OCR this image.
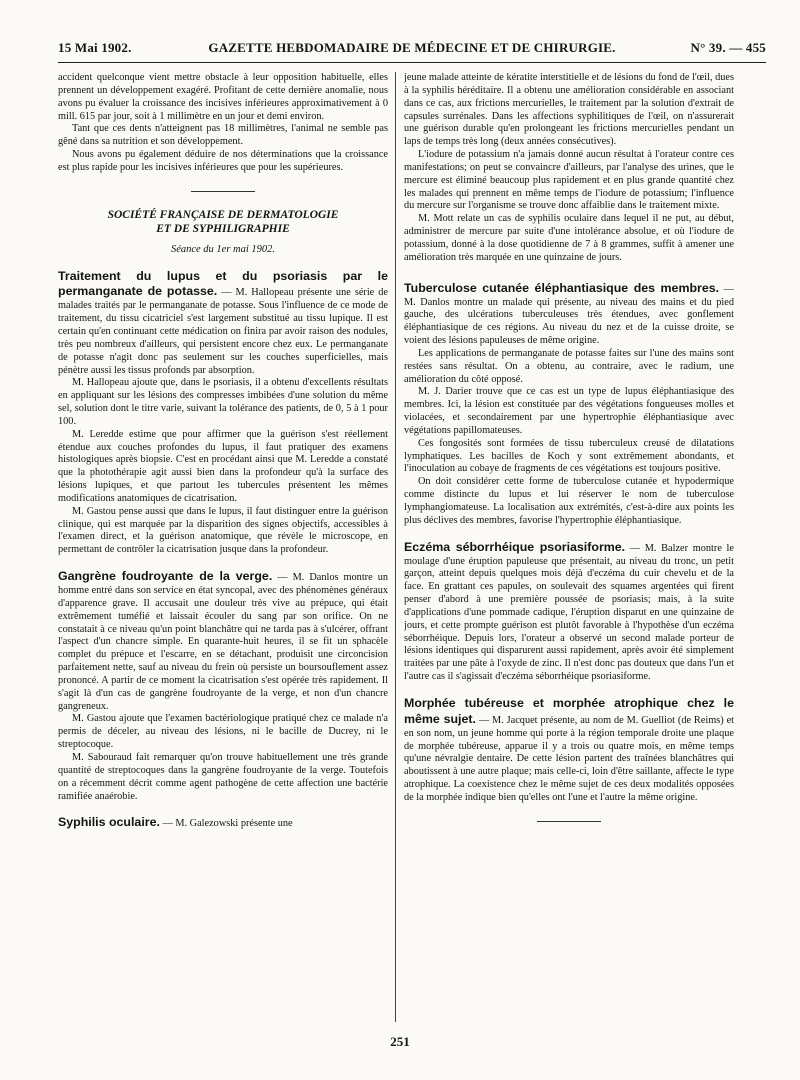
15 Mai 1902.	GAZETTE HEBDOMADAIRE DE MÉDECINE ET DE CHIRURGIE.	N° 39. — 455

accident quelconque vient mettre obstacle à leur opposition habituelle, elles prennent un développement exagéré. Profitant de cette dernière anomalie, nous avons pu évaluer la croissance des incisives inférieures approximativement à 0 mill. 615 par jour, soit à 1 millimètre en un jour et demi environ.

Tant que ces dents n'atteignent pas 18 millimètres, l'animal ne semble pas gêné dans sa nutrition et son développement.

Nous avons pu également déduire de nos déterminations que la croissance est plus rapide pour les incisives inférieures que pour les supérieures.

SOCIÉTÉ FRANÇAISE DE DERMATOLOGIE
ET DE SYPHILIGRAPHIE
Séance du 1er mai 1902.

Traitement du lupus et du psoriasis par le permanganate de potasse. — M. Hallopeau présente une série de malades traités par le permanganate de potasse. Sous l'influence de ce mode de traitement, du tissu cicatriciel s'est largement substitué au tissu lupique. Il est certain qu'en continuant cette médication on finira par avoir raison des nodules, très peu nombreux d'ailleurs, qui persistent encore chez eux. Le permanganate de potasse n'agit donc pas seulement sur les couches superficielles, mais pénètre aussi les tissus profonds par absorption.

M. Hallopeau ajoute que, dans le psoriasis, il a obtenu d'excellents résultats en appliquant sur les lésions des compresses imbibées d'une solution du même sel, solution dont le titre varie, suivant la tolérance des patients, de 0, 5 à 1 pour 100.

M. Leredde estime que pour affirmer que la guérison s'est réellement étendue aux couches profondes du lupus, il faut pratiquer des examens histologiques après biopsie. C'est en procédant ainsi que M. Leredde a constaté que la photothérapie agit aussi bien dans la profondeur qu'à la surface des lésions lupiques, et que partout les tubercules présentent les mêmes modifications anatomiques de cicatrisation.

M. Gastou pense aussi que dans le lupus, il faut distinguer entre la guérison clinique, qui est marquée par la disparition des signes objectifs, accessibles à l'examen direct, et la guérison anatomique, que révèle le microscope, en permettant de contrôler la cicatrisation jusque dans la profondeur.

Gangrène foudroyante de la verge. — M. Danlos montre un homme entré dans son service en état syncopal, avec des phénomènes généraux d'apparence grave. Il accusait une douleur très vive au prépuce, qui était extrêmement tuméfié et laissait écouler du sang par son orifice. On ne constatait à ce niveau qu'un point blanchâtre qui ne tarda pas à s'ulcérer, offrant l'aspect d'un chancre simple. En quarante-huit heures, il se fit un sphacèle complet du prépuce et l'escarre, en se détachant, produisit une circoncision parfaitement nette, sauf au niveau du frein où persiste un boursouflement assez prononcé. A partir de ce moment la cicatrisation s'est opérée très rapidement. Il s'agit là d'un cas de gangrène foudroyante de la verge, et non d'un chancre gangreneux.

M. Gastou ajoute que l'examen bactériologique pratiqué chez ce malade n'a permis de déceler, au niveau des lésions, ni le bacille de Ducrey, ni le streptocoque.

M. Sabouraud fait remarquer qu'on trouve habituellement une très grande quantité de streptocoques dans la gangrène foudroyante de la verge. Toutefois on a récemment décrit comme agent pathogène de cette affection une bactérie ramifiée anaérobie.

Syphilis oculaire. — M. Galezowski présente une

jeune malade atteinte de kératite interstitielle et de lésions du fond de l'œil, dues à la syphilis héréditaire. Il a obtenu une amélioration considérable en associant dans ce cas, aux frictions mercurielles, le traitement par la solution d'extrait de capsules surrénales. Dans les affections syphilitiques de l'œil, on n'assurerait une guérison durable qu'en prolongeant les frictions mercurielles pendant un laps de temps très long (deux années consécutives).

L'iodure de potassium n'a jamais donné aucun résultat à l'orateur contre ces manifestations; on peut se convaincre d'ailleurs, par l'analyse des urines, que le mercure est éliminé beaucoup plus rapidement et en plus grande quantité chez les malades qui prennent en même temps de l'iodure de potassium; l'influence du mercure sur l'organisme se trouve donc affaiblie dans le traitement mixte.

M. Mott relate un cas de syphilis oculaire dans lequel il ne put, au début, administrer de mercure par suite d'une intolérance absolue, et où l'iodure de potassium, donné à la dose quotidienne de 7 à 8 grammes, suffit à amener une amélioration très marquée en une quinzaine de jours.

Tuberculose cutanée éléphantiasique des membres. — M. Danlos montre un malade qui présente, au niveau des mains et du pied gauche, des ulcérations tuberculeuses très étendues, avec gonflement éléphantiasique de ces régions. Au niveau du nez et de la cuisse droite, se voient des lésions papuleuses de même origine.

Les applications de permanganate de potasse faites sur l'une des mains sont restées sans résultat. On a obtenu, au contraire, avec le radium, une amélioration du côté opposé.

M. J. Darier trouve que ce cas est un type de lupus éléphantiasique des membres. Ici, la lésion est constituée par des végétations fongueuses molles et violacées, et secondairement par une hypertrophie éléphantiasique avec végétations papillomateuses.

Ces fongosités sont formées de tissu tuberculeux creusé de dilatations lymphatiques. Les bacilles de Koch y sont extrêmement abondants, et l'inoculation au cobaye de fragments de ces végétations est toujours positive.

On doit considérer cette forme de tuberculose cutanée et hypodermique comme distincte du lupus et lui réserver le nom de tuberculose lymphangiomateuse. La localisation aux extrémités, c'est-à-dire aux points les plus déclives des membres, favorise l'hypertrophie éléphantiasique.

Eczéma séborrhéique psoriasiforme. — M. Balzer montre le moulage d'une éruption papuleuse que présentait, au niveau du tronc, un petit garçon, atteint depuis quelques mois déjà d'eczéma du cuir chevelu et de la face. En grattant ces papules, on soulevait des squames argentées qui firent penser d'abord à une première poussée de psoriasis; mais, à la suite d'applications d'une pommade cadique, l'éruption disparut en une quinzaine de jours, et cette prompte guérison est plutôt favorable à l'hypothèse d'un eczéma séborrhéique. Depuis lors, l'orateur a observé un second malade porteur de lésions identiques qui disparurent aussi rapidement, après avoir été simplement traitées par une pâte à l'oxyde de zinc. Il n'est donc pas douteux que dans l'un et l'autre cas il s'agissait d'eczéma séborrhéique psoriasiforme.

Morphée tubéreuse et morphée atrophique chez le même sujet. — M. Jacquet présente, au nom de M. Guelliot (de Reims) et en son nom, un jeune homme qui porte à la région temporale droite une plaque de morphée tubéreuse, apparue il y a trois ou quatre mois, en même temps qu'une névralgie dentaire. De cette lésion partent des traînées blanchâtres qui aboutissent à une autre plaque; mais celle-ci, loin d'être saillante, affecte le type atrophique. La coexistence chez le même sujet de ces deux modalités opposées de la morphée indique bien qu'elles ont l'une et l'autre la même origine.

251
